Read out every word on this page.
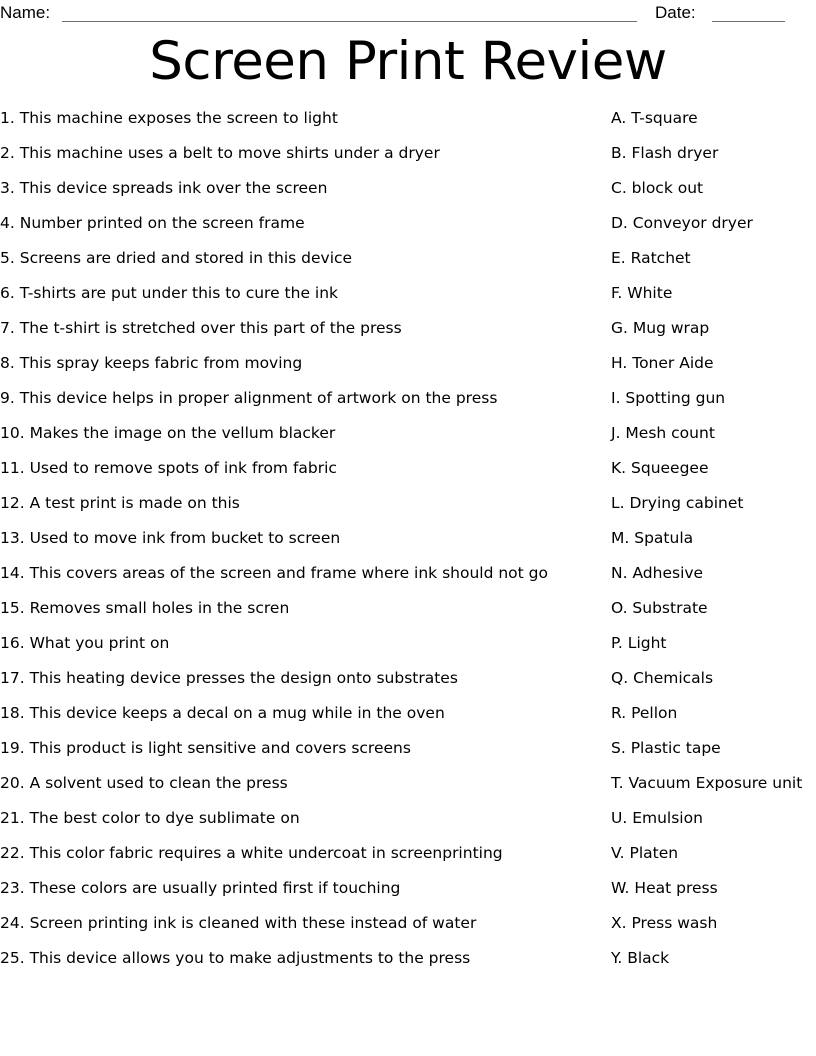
Name:	Date:
Screen Print Review
1. This machine exposes the screen to light
2. This machine uses a belt to move shirts under a dryer
3. This device spreads ink over the screen
4. Number printed on the screen frame
5. Screens are dried and stored in this device
6. T-shirts are put under this to cure the ink
7. The t-shirt is stretched over this part of the press
8. This spray keeps fabric from moving
9. This device helps in proper alignment of artwork on the press
10. Makes the image on the vellum blacker
11. Used to remove spots of ink from fabric
12. A test print is made on this
13. Used to move ink from bucket to screen
14. This covers areas of the screen and frame where ink should not go
15. Removes small holes in the scren
16. What you print on
17. This heating device presses the design onto substrates
18. This device keeps a decal on a mug while in the oven
19. This product is light sensitive and covers screens
20. A solvent used to clean the press
21. The best color to dye sublimate on
22. This color fabric requires a white undercoat in screenprinting
23. These colors are usually printed first if touching
24. Screen printing ink is cleaned with these instead of water
25. This device allows you to make adjustments to the press
A. T-square
B. Flash dryer
C. block out
D. Conveyor dryer
E. Ratchet
F. White
G. Mug wrap
H. Toner Aide
I. Spotting gun
J. Mesh count
K. Squeegee
L. Drying cabinet
M. Spatula
N. Adhesive
O. Substrate
P. Light
Q. Chemicals
R. Pellon
S. Plastic tape
T. Vacuum Exposure unit
U. Emulsion
V. Platen
W. Heat press
X. Press wash
Y. Black
